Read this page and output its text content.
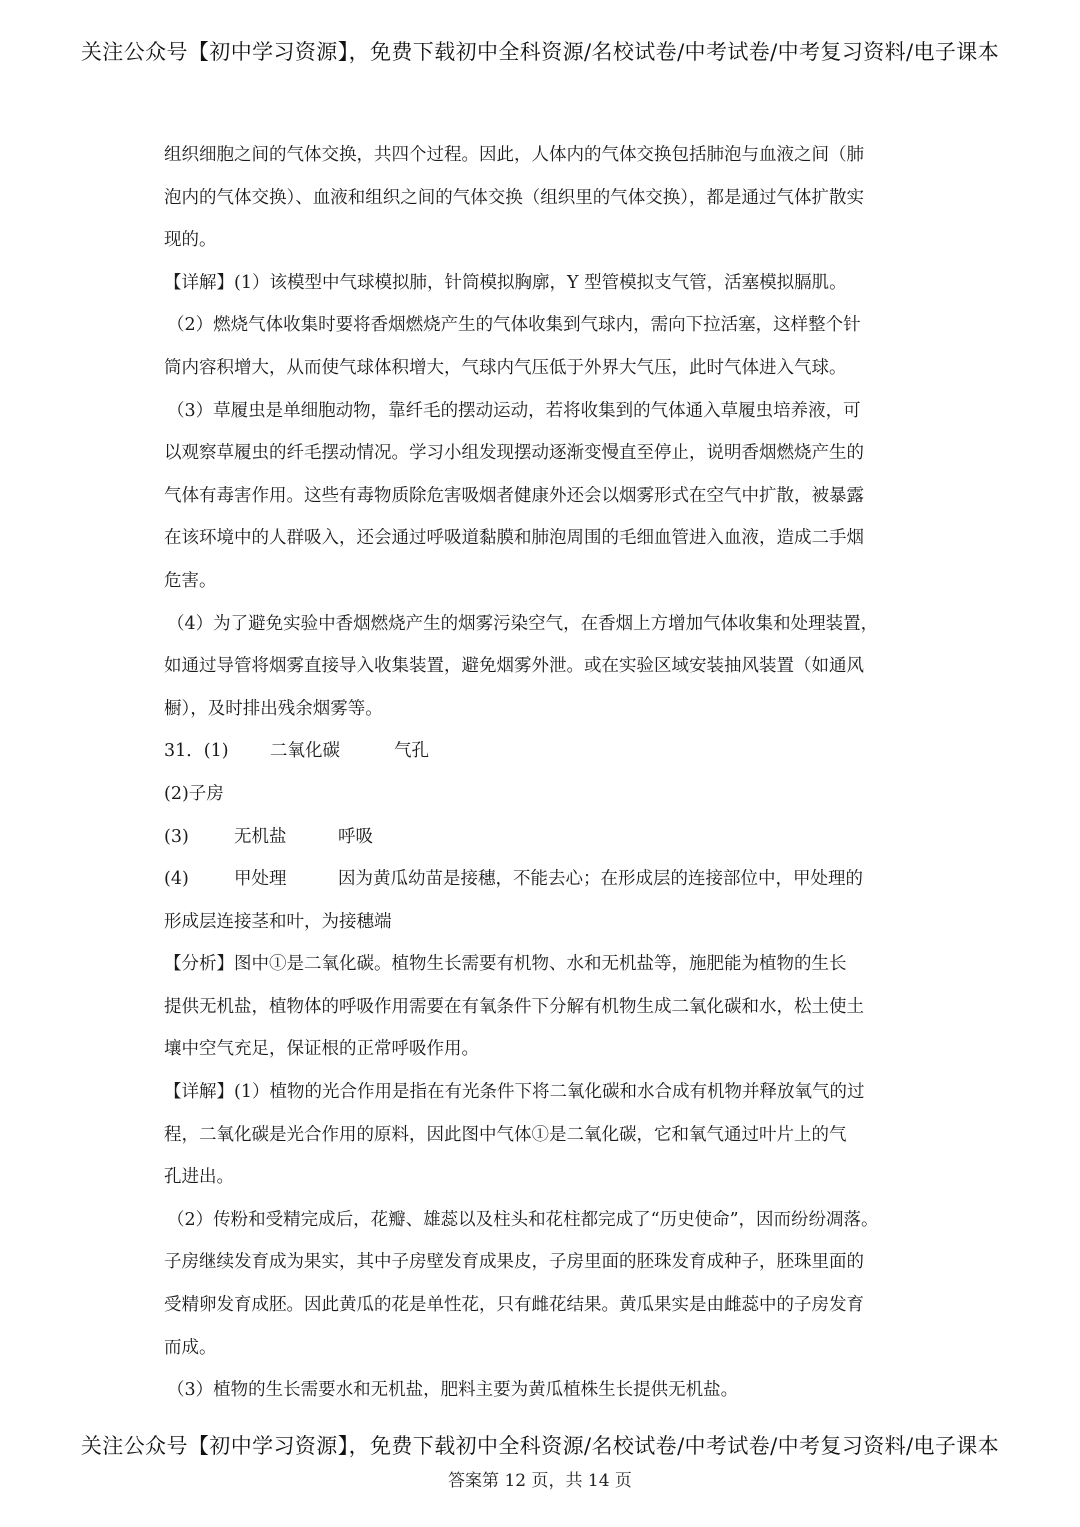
关注公众号【初中学习资源】，免费下载初中全科资源/名校试卷/中考试卷/中考复习资料/电子课本
组织细胞之间的气体交换，共四个过程。因此，人体内的气体交换包括肺泡与血液之间（肺
泡内的气体交换）、血液和组织之间的气体交换（组织里的气体交换），都是通过气体扩散实
现的。
【详解】(1）该模型中气球模拟肺，针筒模拟胸廓，Y 型管模拟支气管，活塞模拟膈肌。
（2）燃烧气体收集时要将香烟燃烧产生的气体收集到气球内，需向下拉活塞，这样整个针
筒内容积增大，从而使气球体积增大，气球内气压低于外界大气压，此时气体进入气球。
（3）草履虫是单细胞动物，靠纤毛的摆动运动，若将收集到的气体通入草履虫培养液，可
以观察草履虫的纤毛摆动情况。学习小组发现摆动逐渐变慢直至停止，说明香烟燃烧产生的
气体有毒害作用。这些有毒物质除危害吸烟者健康外还会以烟雾形式在空气中扩散，被暴露
在该环境中的人群吸入，还会通过呼吸道黏膜和肺泡周围的毛细血管进入血液，造成二手烟
危害。
（4）为了避免实验中香烟燃烧产生的烟雾污染空气，在香烟上方增加气体收集和处理装置，
如通过导管将烟雾直接导入收集装置，避免烟雾外泄。或在实验区域安装抽风装置（如通风
橱），及时排出残余烟雾等。
31．(1) 二氧化碳	气孔
(2)子房
(3)	无机盐	呼吸
(4)	甲处理	因为黄瓜幼苗是接穗，不能去心；在形成层的连接部位中，甲处理的
形成层连接茎和叶，为接穗端
【分析】图中①是二氧化碳。植物生长需要有机物、水和无机盐等，施肥能为植物的生长
提供无机盐，植物体的呼吸作用需要在有氧条件下分解有机物生成二氧化碳和水，松土使土
壤中空气充足，保证根的正常呼吸作用。
【详解】(1）植物的光合作用是指在有光条件下将二氧化碳和水合成有机物并释放氧气的过
程，二氧化碳是光合作用的原料，因此图中气体①是二氧化碳，它和氧气通过叶片上的气
孔进出。
（2）传粉和受精完成后，花瓣、雄蕊以及柱头和花柱都完成了“历史使命”，因而纷纷凋落。
子房继续发育成为果实，其中子房壁发育成果皮，子房里面的胚珠发育成种子，胚珠里面的
受精卵发育成胚。因此黄瓜的花是单性花，只有雌花结果。黄瓜果实是由雌蕊中的子房发育
而成。
（3）植物的生长需要水和无机盐，肥料主要为黄瓜植株生长提供无机盐。
关注公众号【初中学习资源】，免费下载初中全科资源/名校试卷/中考试卷/中考复习资料/电子课本
答案第 12 页，共 14 页
